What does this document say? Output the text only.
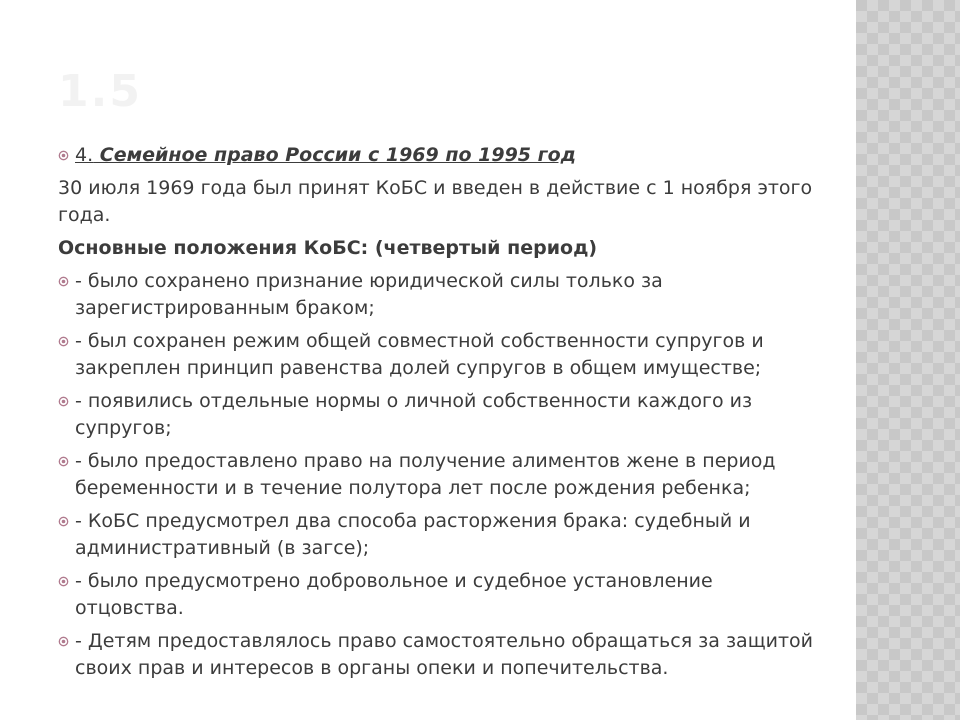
1.5
4. Семейное право России с 1969 по 1995 год
30 июля 1969 года был принят КоБС и введен в действие с 1 ноября этого года.
Основные положения КоБС: (четвертый период)
- было сохранено признание юридической силы только за зарегистрированным браком;
- был сохранен режим общей совместной собственности супругов и закреплен принцип равенства долей супругов в общем имуществе;
- появились отдельные нормы о личной собственности каждого из супругов;
- было предоставлено право на получение алиментов жене в период беременности и в течение полутора лет после рождения ребенка;
- КоБС предусмотрел два способа расторжения брака: судебный и административный (в загсе);
- было предусмотрено добровольное и судебное установление отцовства.
- Детям предоставлялось право самостоятельно обращаться за защитой своих прав и интересов в органы опеки и попечительства.
